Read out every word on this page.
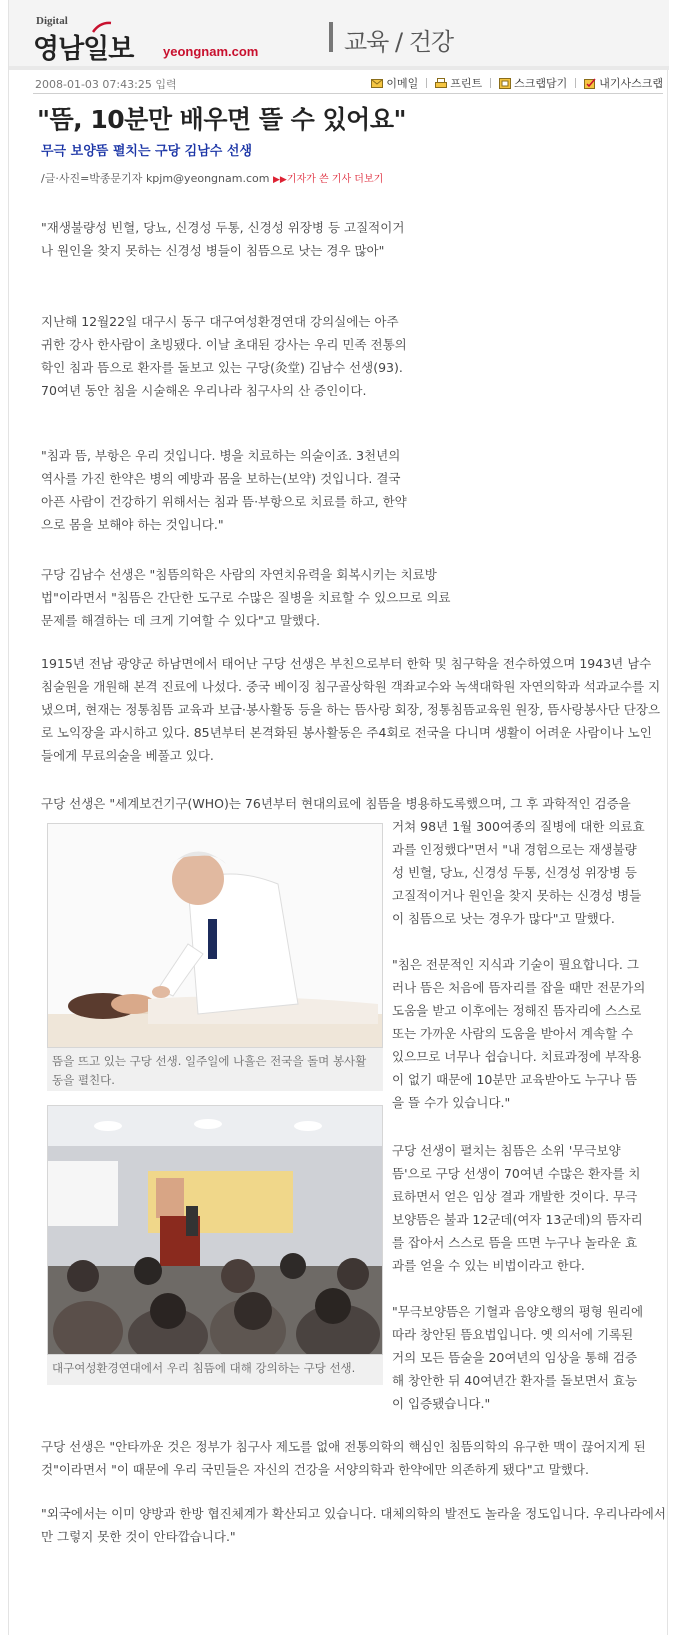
Digital
영남일보 yeongnam.com	교육 / 건강
2008-01-03 07:43:25 입력	이메일	프린트	스크랩담기	내기사스크랩
"뜸, 10분만 배우면 뜰 수 있어요"
무극 보양뜸 펼치는 구당 김남수 선생
/글·사진=박종문기자 kpjm@yeongnam.com ▶▶기자가 쓴 기사 더보기
"재생불량성 빈혈, 당뇨, 신경성 두통, 신경성 위장병 등 고질적이거나 원인을 찾지 못하는 신경성 병들이 침뜸으로 낫는 경우 많아"
지난해 12월22일 대구시 동구 대구여성환경연대 강의실에는 아주 귀한 강사 한사람이 초빙됐다. 이날 초대된 강사는 우리 민족 전통의학인 침과 뜸으로 환자를 돌보고 있는 구당(灸堂) 김남수 선생(93). 70여년 동안 침을 시술해온 우리나라 침구사의 산 증인이다.
"침과 뜸, 부항은 우리 것입니다. 병을 치료하는 의술이죠. 3천년의 역사를 가진 한약은 병의 예방과 몸을 보하는(보약) 것입니다. 결국 아픈 사람이 건강하기 위해서는 침과 뜸·부항으로 치료를 하고, 한약으로 몸을 보해야 하는 것입니다."
구당 김남수 선생은 "침뜸의학은 사람의 자연치유력을 회복시키는 치료방법"이라면서 "침뜸은 간단한 도구로 수많은 질병을 치료할 수 있으므로 의료문제를 해결하는 데 크게 기여할 수 있다"고 말했다.
1915년 전남 광양군 하남면에서 태어난 구당 선생은 부친으로부터 한학 및 침구학을 전수하였으며 1943년 남수침술원을 개원해 본격 진료에 나섰다. 중국 베이징 침구골상학원 객좌교수와 녹색대학원 자연의학과 석과교수를 지냈으며, 현재는 정통침뜸 교육과 보급·봉사활동 등을 하는 뜸사랑 회장, 정통침뜸교육원 원장, 뜸사랑봉사단 단장으로 노익장을 과시하고 있다. 85년부터 본격화된 봉사활동은 주4회로 전국을 다니며 생활이 어려운 사람이나 노인들에게 무료의술을 베풀고 있다.
구당 선생은 "세계보건기구(WHO)는 76년부터 현대의료에 침뜸을 병용하도록했으며, 그 후 과학적인 검증을
뜸을 뜨고 있는 구당 선생. 일주일에 나흘은 전국을 돌며 봉사활동을 펼친다.
대구여성환경연대에서 우리 침뜸에 대해 강의하는 구당 선생.
거쳐 98년 1월 300여종의 질병에 대한 의료효과를 인정했다"면서 "내 경험으로는 재생불량성 빈혈, 당뇨, 신경성 두통, 신경성 위장병 등 고질적이거나 원인을 찾지 못하는 신경성 병들이 침뜸으로 낫는 경우가 많다"고 말했다.
"침은 전문적인 지식과 기술이 필요합니다. 그러나 뜸은 처음에 뜸자리를 잡을 때만 전문가의 도움을 받고 이후에는 정해진 뜸자리에 스스로 또는 가까운 사람의 도움을 받아서 계속할 수 있으므로 너무나 쉽습니다. 치료과정에 부작용이 없기 때문에 10분만 교육받아도 누구나 뜸을 뜰 수가 있습니다."
구당 선생이 펼치는 침뜸은 소위 '무극보양뜸'으로 구당 선생이 70여년 수많은 환자를 치료하면서 얻은 임상 결과 개발한 것이다. 무극보양뜸은 불과 12군데(여자 13군데)의 뜸자리를 잡아서 스스로 뜸을 뜨면 누구나 놀라운 효과를 얻을 수 있는 비법이라고 한다.
"무극보양뜸은 기혈과 음양오행의 평형 원리에 따라 창안된 뜸요법입니다. 옛 의서에 기록된 거의 모든 뜸술을 20여년의 임상을 통해 검증해 창안한 뒤 40여년간 환자를 돌보면서 효능이 입증됐습니다."
구당 선생은 "안타까운 것은 정부가 침구사 제도를 없애 전통의학의 핵심인 침뜸의학의 유구한 맥이 끊어지게 된 것"이라면서 "이 때문에 우리 국민들은 자신의 건강을 서양의학과 한약에만 의존하게 됐다"고 말했다.
"외국에서는 이미 양방과 한방 협진체계가 확산되고 있습니다. 대체의학의 발전도 놀라울 정도입니다. 우리나라에서만 그렇지 못한 것이 안타깝습니다."
